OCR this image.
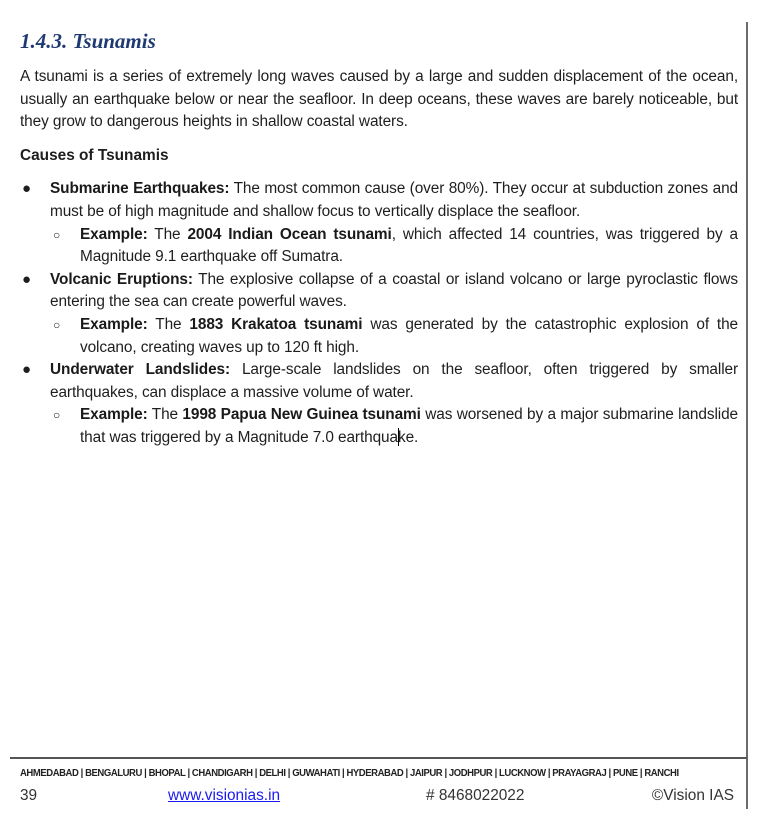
1.4.3. Tsunamis

A tsunami is a series of extremely long waves caused by a large and sudden displacement of the ocean, usually an earthquake below or near the seafloor. In deep oceans, these waves are barely noticeable, but they grow to dangerous heights in shallow coastal waters.

Causes of Tsunamis
● Submarine Earthquakes: The most common cause (over 80%). They occur at subduction zones and must be of high magnitude and shallow focus to vertically displace the seafloor.
○ Example: The 2004 Indian Ocean tsunami, which affected 14 countries, was triggered by a Magnitude 9.1 earthquake off Sumatra.
● Volcanic Eruptions: The explosive collapse of a coastal or island volcano or large pyroclastic flows entering the sea can create powerful waves.
○ Example: The 1883 Krakatoa tsunami was generated by the catastrophic explosion of the volcano, creating waves up to 120 ft high.
● Underwater Landslides: Large-scale landslides on the seafloor, often triggered by smaller earthquakes, can displace a massive volume of water.
○ Example: The 1998 Papua New Guinea tsunami was worsened by a major submarine landslide that was triggered by a Magnitude 7.0 earthquake.
AHMEDABAD | BENGALURU | BHOPAL | CHANDIGARH | DELHI | GUWAHATI | HYDERABAD | JAIPUR | JODHPUR | LUCKNOW | PRAYAGRAJ | PUNE | RANCHI
39	www.visionias.in	# 8468022022	©Vision IAS
